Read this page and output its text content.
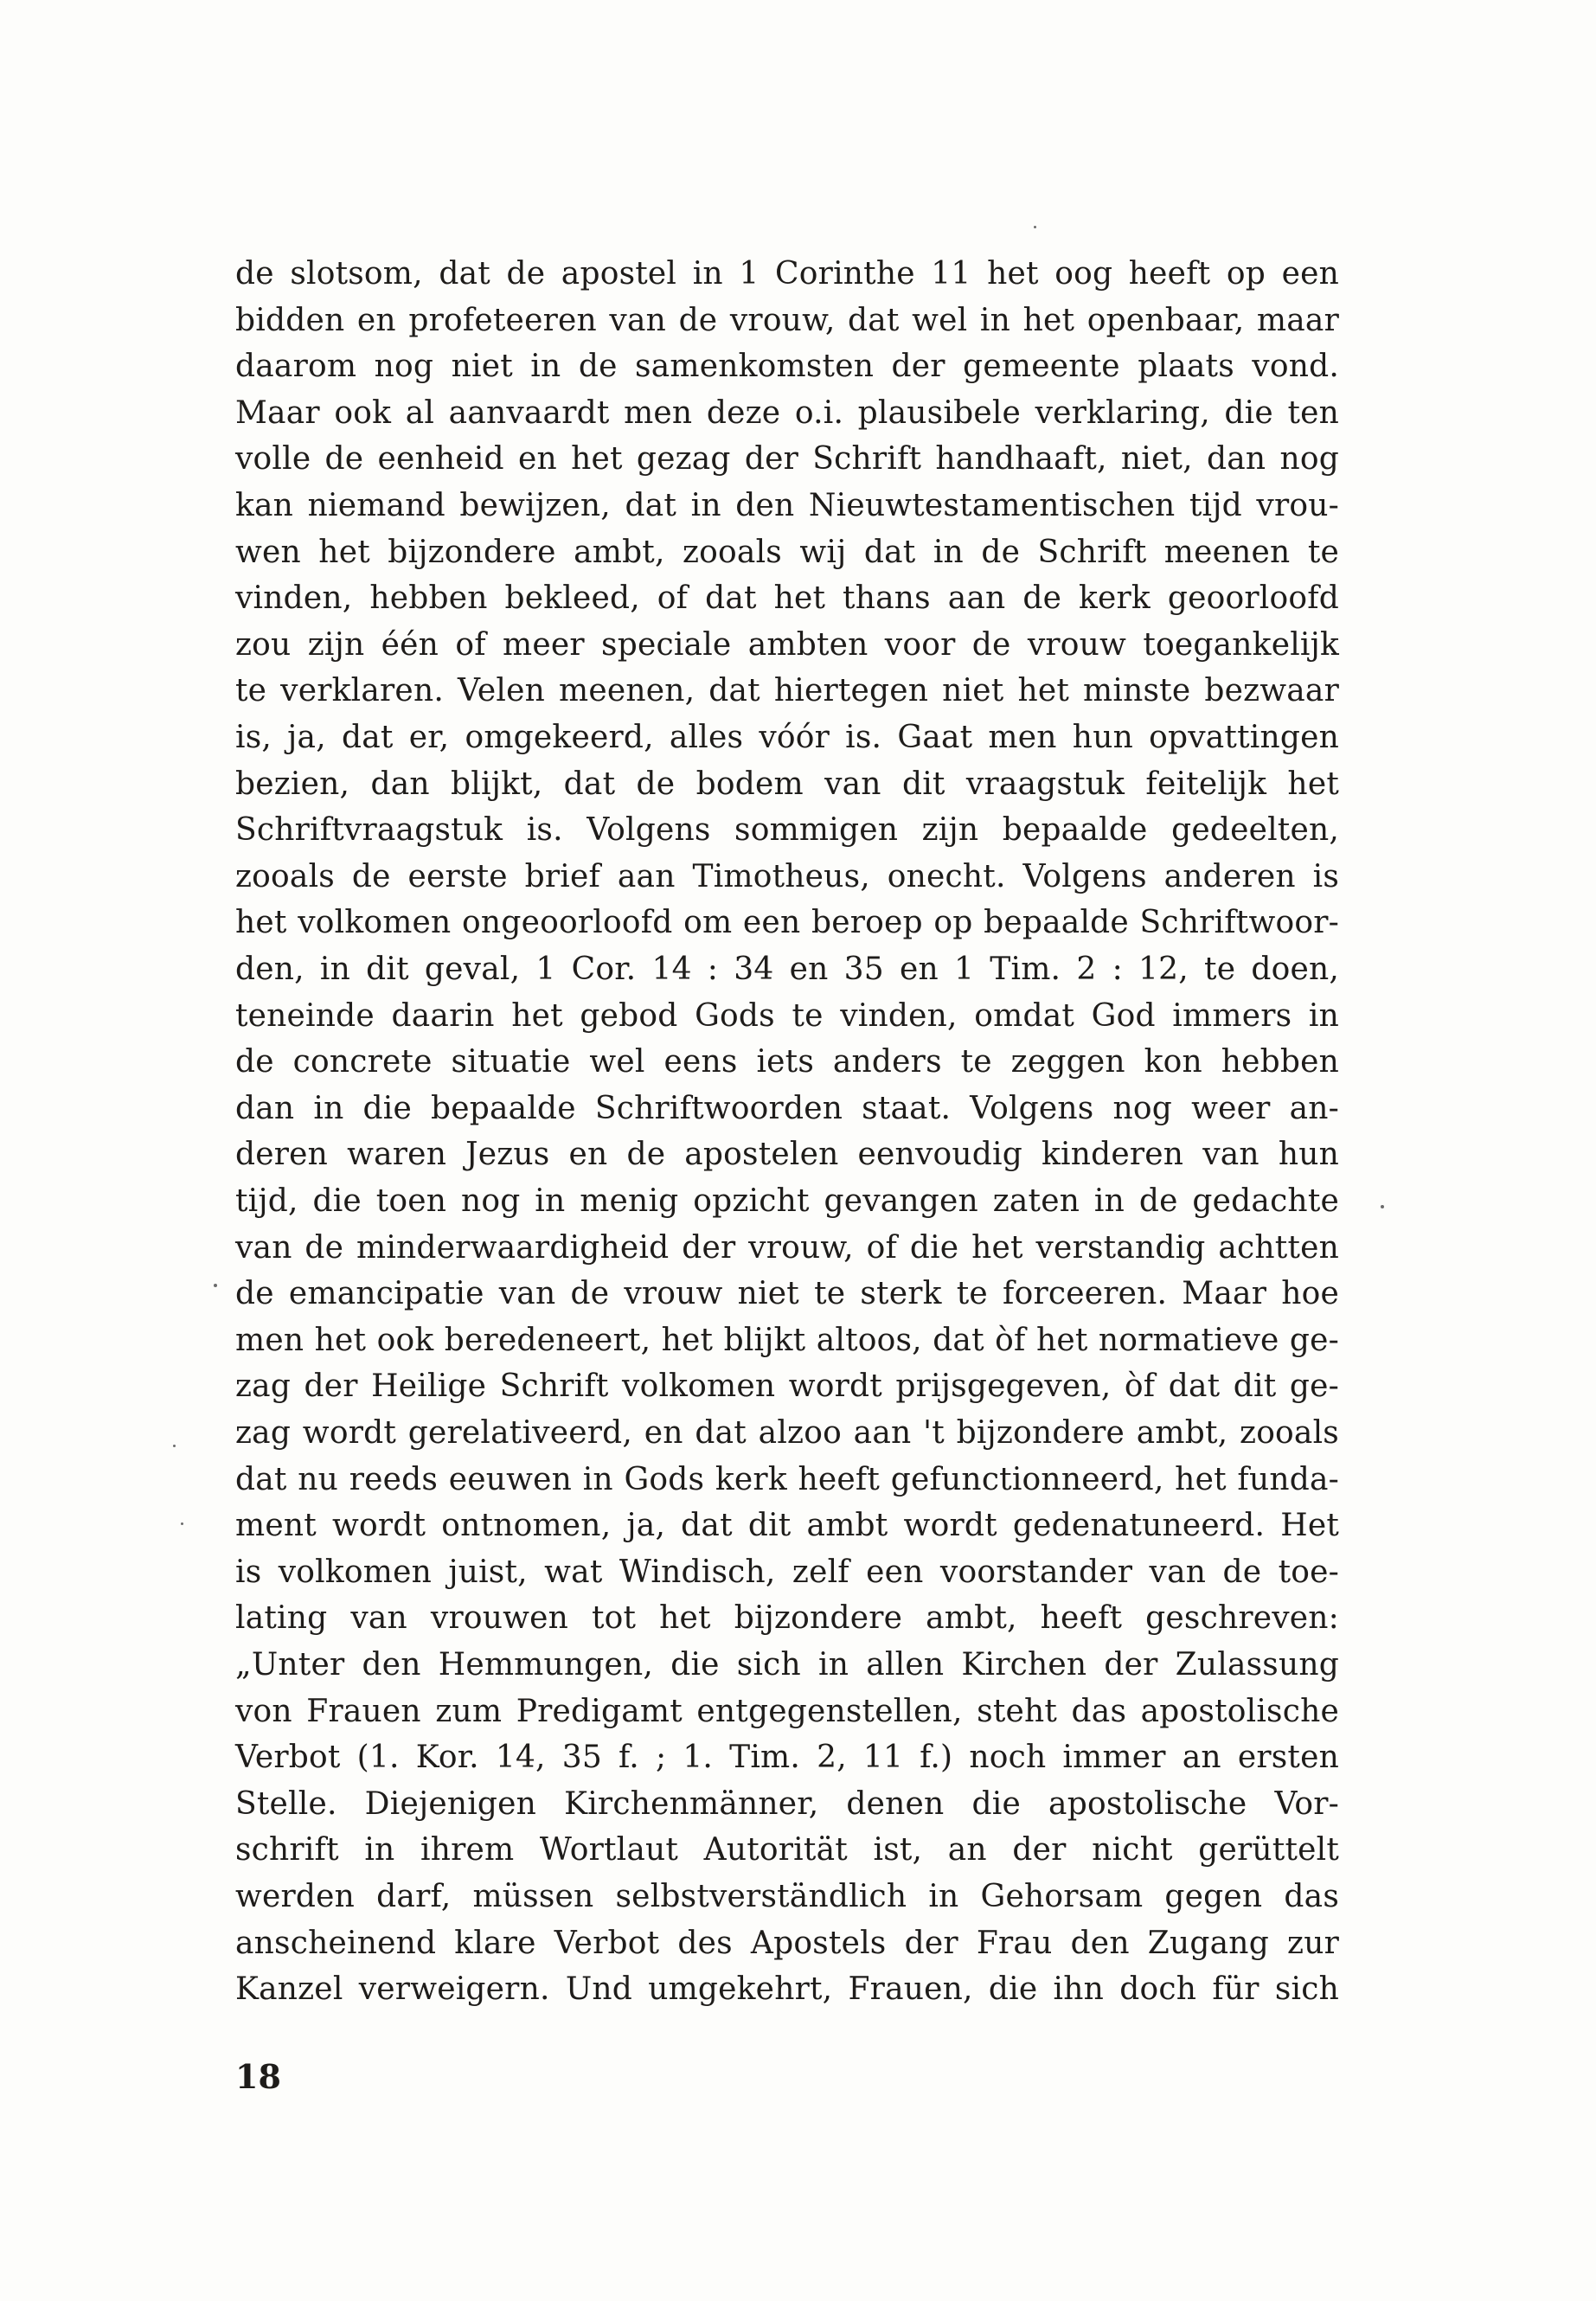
de slotsom, dat de apostel in 1 Corinthe 11 het oog heeft op een
bidden en profeteeren van de vrouw, dat wel in het openbaar, maar
daarom nog niet in de samenkomsten der gemeente plaats vond.
Maar ook al aanvaardt men deze o.i. plausibele verklaring, die ten
volle de eenheid en het gezag der Schrift handhaaft, niet, dan nog
kan niemand bewijzen, dat in den Nieuwtestamentischen tijd vrou-
wen het bijzondere ambt, zooals wij dat in de Schrift meenen te
vinden, hebben bekleed, of dat het thans aan de kerk geoorloofd
zou zijn één of meer speciale ambten voor de vrouw toegankelijk
te verklaren. Velen meenen, dat hiertegen niet het minste bezwaar
is, ja, dat er, omgekeerd, alles vóór is. Gaat men hun opvattingen
bezien, dan blijkt, dat de bodem van dit vraagstuk feitelijk het
Schriftvraagstuk is. Volgens sommigen zijn bepaalde gedeelten,
zooals de eerste brief aan Timotheus, onecht. Volgens anderen is
het volkomen ongeoorloofd om een beroep op bepaalde Schriftwoor-
den, in dit geval, 1 Cor. 14 : 34 en 35 en 1 Tim. 2 : 12, te doen,
teneinde daarin het gebod Gods te vinden, omdat God immers in
de concrete situatie wel eens iets anders te zeggen kon hebben
dan in die bepaalde Schriftwoorden staat. Volgens nog weer an-
deren waren Jezus en de apostelen eenvoudig kinderen van hun
tijd, die toen nog in menig opzicht gevangen zaten in de gedachte
van de minderwaardigheid der vrouw, of die het verstandig achtten
de emancipatie van de vrouw niet te sterk te forceeren. Maar hoe
men het ook beredeneert, het blijkt altoos, dat òf het normatieve ge-
zag der Heilige Schrift volkomen wordt prijsgegeven, òf dat dit ge-
zag wordt gerelativeerd, en dat alzoo aan 't bijzondere ambt, zooals
dat nu reeds eeuwen in Gods kerk heeft gefunctionneerd, het funda-
ment wordt ontnomen, ja, dat dit ambt wordt gedenatuneerd. Het
is volkomen juist, wat Windisch, zelf een voorstander van de toe-
lating van vrouwen tot het bijzondere ambt, heeft geschreven:
„Unter den Hemmungen, die sich in allen Kirchen der Zulassung
von Frauen zum Predigamt entgegenstellen, steht das apostolische
Verbot (1. Kor. 14, 35 f. ; 1. Tim. 2, 11 f.) noch immer an ersten
Stelle. Diejenigen Kirchenmänner, denen die apostolische Vor-
schrift in ihrem Wortlaut Autorität ist, an der nicht gerüttelt
werden darf, müssen selbstverständlich in Gehorsam gegen das
anscheinend klare Verbot des Apostels der Frau den Zugang zur
Kanzel verweigern. Und umgekehrt, Frauen, die ihn doch für sich
18
